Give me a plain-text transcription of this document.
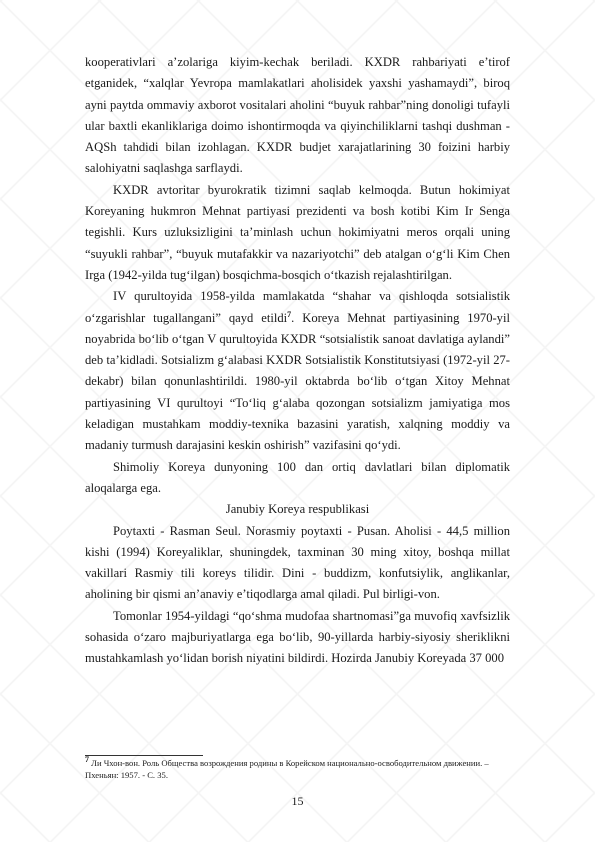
kooperativlari a’zolariga kiyim-kechak beriladi. KXDR rahbariyati e’tirof etganidek, “xalqlar Yevropa mamlakatlari aholisidek yaxshi yashamaydi”, biroq ayni paytda ommaviy axborot vositalari aholini “buyuk rahbar”ning donoligi tufayli ular baxtli ekanliklariga doimo ishontirmoqda va qiyinchiliklarni tashqi dushman - AQSh tahdidi bilan izohlagan. KXDR budjet xarajatlarining 30 foizini harbiy salohiyatni saqlashga sarflaydi.

KXDR avtoritar byurokratik tizimni saqlab kelmoqda. Butun hokimiyat Koreyaning hukmron Mehnat partiyasi prezidenti va bosh kotibi Kim Ir Senga tegishli. Kurs uzluksizligini ta’minlash uchun hokimiyatni meros orqali uning “suyukli rahbar”, “buyuk mutafakkir va nazariyotchi” deb atalgan o‘g‘li Kim Chen Irga (1942-yilda tug‘ilgan) bosqichma-bosqich o‘tkazish rejalashtirilgan.

IV qurultoyida 1958-yilda mamlakatda “shahar va qishloqda sotsialistik o‘zgarishlar tugallangani” qayd etildi$^7$. Koreya Mehnat partiyasining 1970-yil noyabrida bo‘lib o‘tgan V qurultoyida KXDR “sotsialistik sanoat davlatiga aylandi” deb ta’kidladi. Sotsializm g‘alabasi KXDR Sotsialistik Konstitutsiyasi (1972-yil 27-dekabr) bilan qonunlashtirildi. 1980-yil oktabrda bo‘lib o‘tgan Xitoy Mehnat partiyasining VI qurultoyi “To‘liq g‘alaba qozongan sotsializm jamiyatiga mos keladigan mustahkam moddiy-texnika bazasini yaratish, xalqning moddiy va madaniy turmush darajasini keskin oshirish” vazifasini qo‘ydi.

Shimoliy Koreya dunyoning 100 dan ortiq davlatlari bilan diplomatik aloqalarga ega.

Janubiy Koreya respublikasi

Poytaxti - Rasman Seul. Norasmiy poytaxti - Pusan. Aholisi - 44,5 million kishi (1994) Koreyaliklar, shuningdek, taxminan 30 ming xitoy, boshqa millat vakillari Rasmiy tili koreys tilidir. Dini - buddizm, konfutsiylik, anglikanlar, aholining bir qismi an’anaviy e’tiqodlarga amal qiladi. Pul birligi-von.

Tomonlar 1954-yildagi “qo‘shma mudofaa shartnomasi”ga muvofiq xavfsizlik sohasida o‘zaro majburiyatlarga ega bo‘lib, 90-yillarda harbiy-siyosiy sheriklikni mustahkamlash yo‘lidan borish niyatini bildirdi. Hozirda Janubiy Koreyada 37 000

$^7$ Ли Чхон-вон. Роль Общества возрождения родины в Корейском национально-освободительном движении. – Пхеньян: 1957. - С. 35.
15
